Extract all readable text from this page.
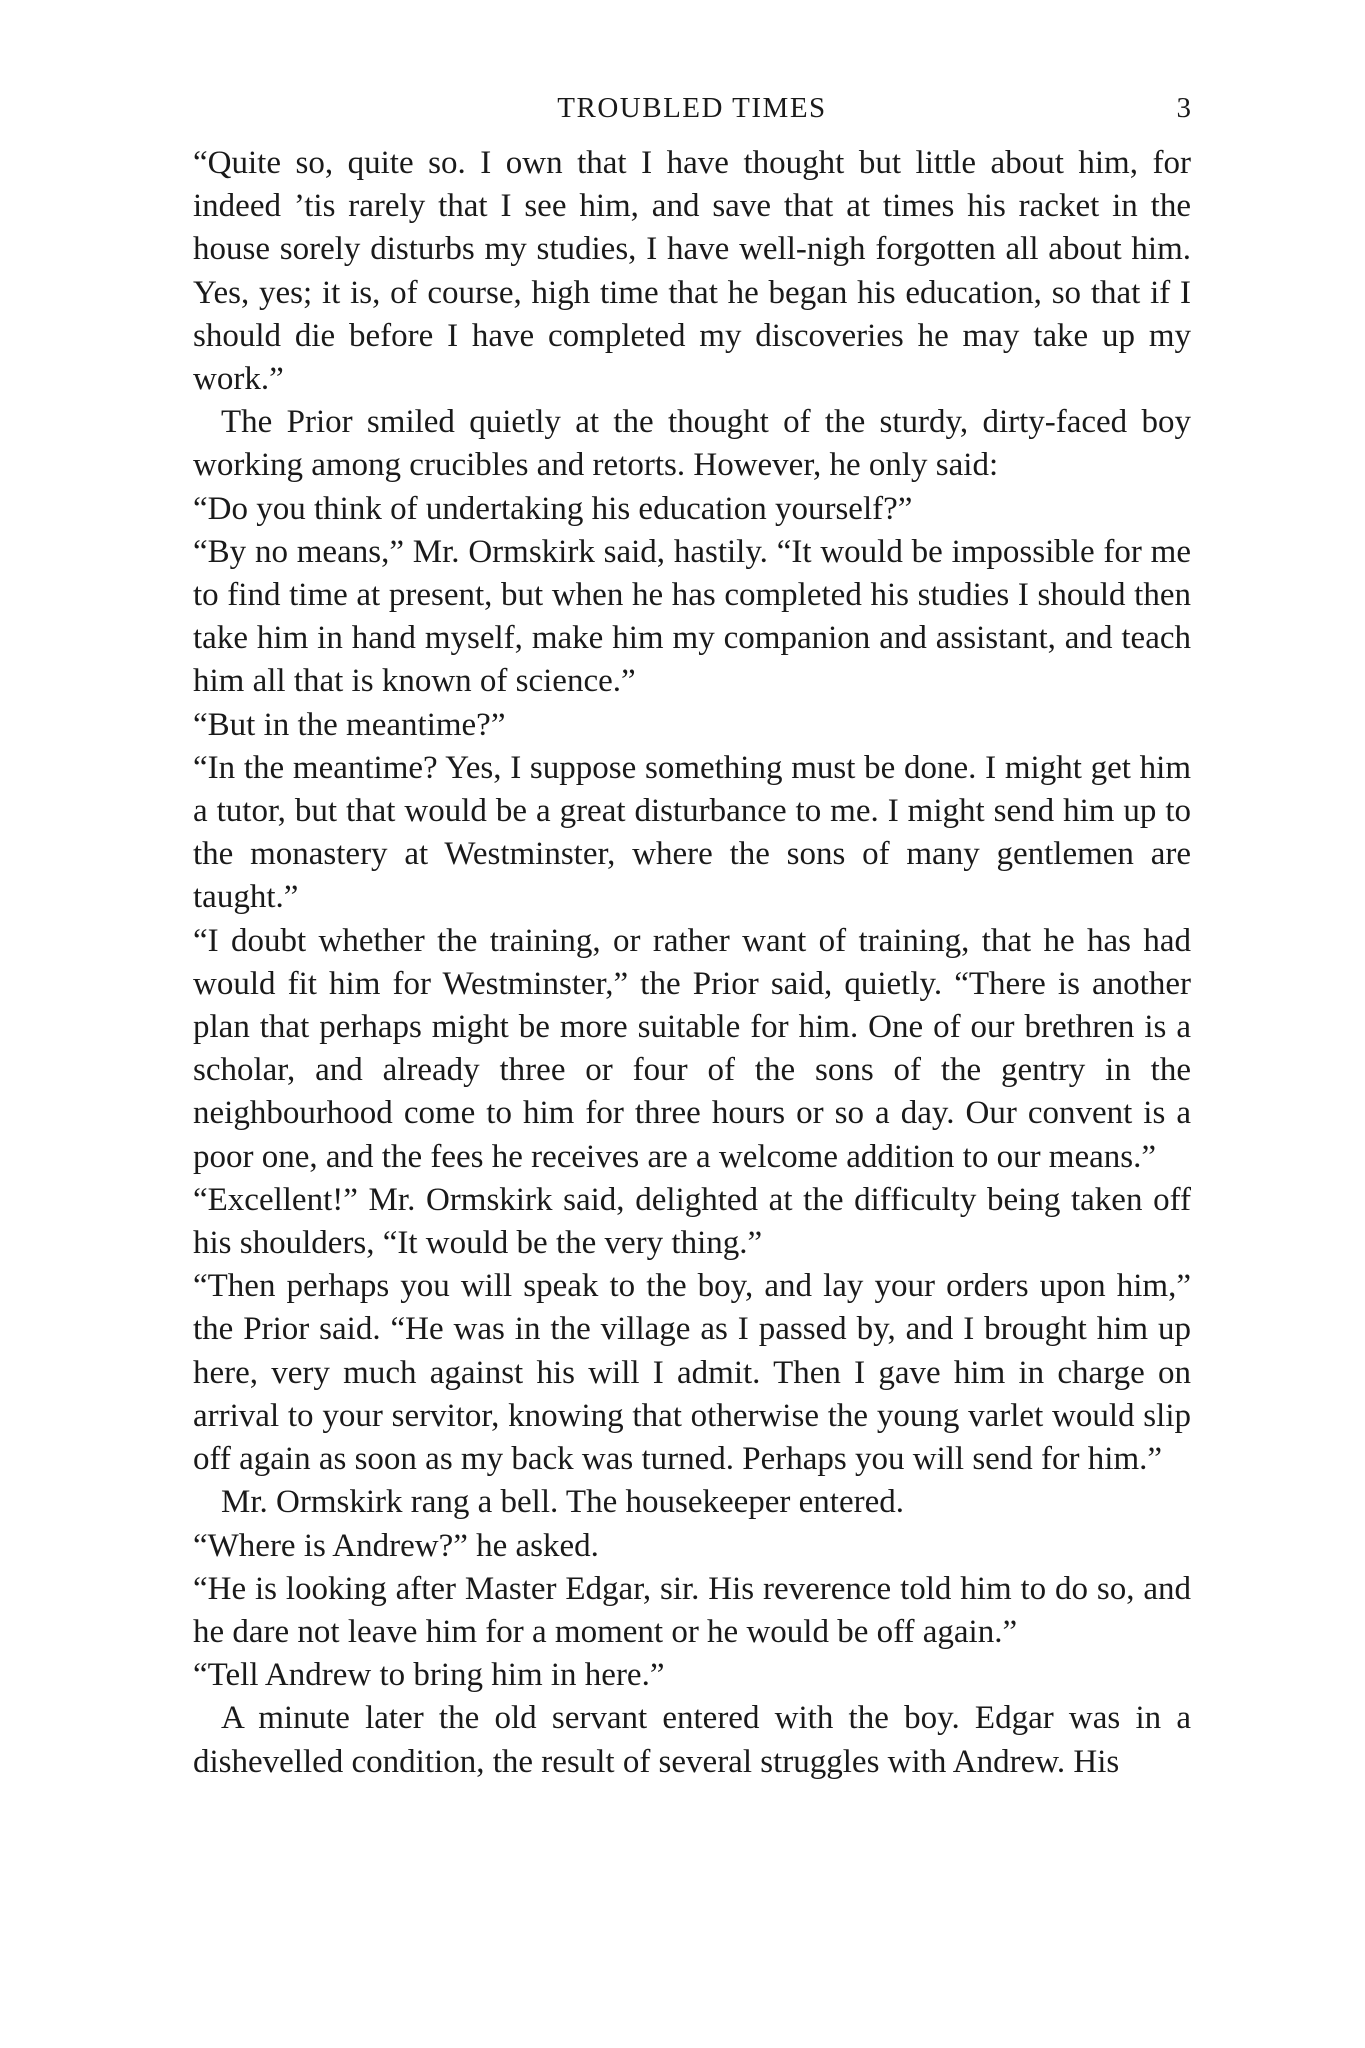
TROUBLED TIMES	3

“Quite so, quite so. I own that I have thought but little about him, for indeed ’tis rarely that I see him, and save that at times his racket in the house sorely disturbs my studies, I have well-nigh forgotten all about him. Yes, yes; it is, of course, high time that he began his education, so that if I should die before I have completed my discoveries he may take up my work.”

The Prior smiled quietly at the thought of the sturdy, dirty-faced boy working among crucibles and retorts. However, he only said:

“Do you think of undertaking his education yourself?”

“By no means,” Mr. Ormskirk said, hastily. “It would be impossible for me to find time at present, but when he has completed his studies I should then take him in hand myself, make him my companion and assistant, and teach him all that is known of science.”

“But in the meantime?”

“In the meantime? Yes, I suppose something must be done. I might get him a tutor, but that would be a great disturbance to me. I might send him up to the monastery at Westminster, where the sons of many gentlemen are taught.”

“I doubt whether the training, or rather want of training, that he has had would fit him for Westminster,” the Prior said, quietly. “There is another plan that perhaps might be more suitable for him. One of our brethren is a scholar, and already three or four of the sons of the gentry in the neighbourhood come to him for three hours or so a day. Our convent is a poor one, and the fees he receives are a welcome addition to our means.”

“Excellent!” Mr. Ormskirk said, delighted at the difficulty being taken off his shoulders, “It would be the very thing.”

“Then perhaps you will speak to the boy, and lay your orders upon him,” the Prior said. “He was in the village as I passed by, and I brought him up here, very much against his will I admit. Then I gave him in charge on arrival to your servitor, knowing that otherwise the young varlet would slip off again as soon as my back was turned. Perhaps you will send for him.”

Mr. Ormskirk rang a bell. The housekeeper entered.

“Where is Andrew?” he asked.

“He is looking after Master Edgar, sir. His reverence told him to do so, and he dare not leave him for a moment or he would be off again.”

“Tell Andrew to bring him in here.”

A minute later the old servant entered with the boy. Edgar was in a dishevelled condition, the result of several struggles with Andrew. His
